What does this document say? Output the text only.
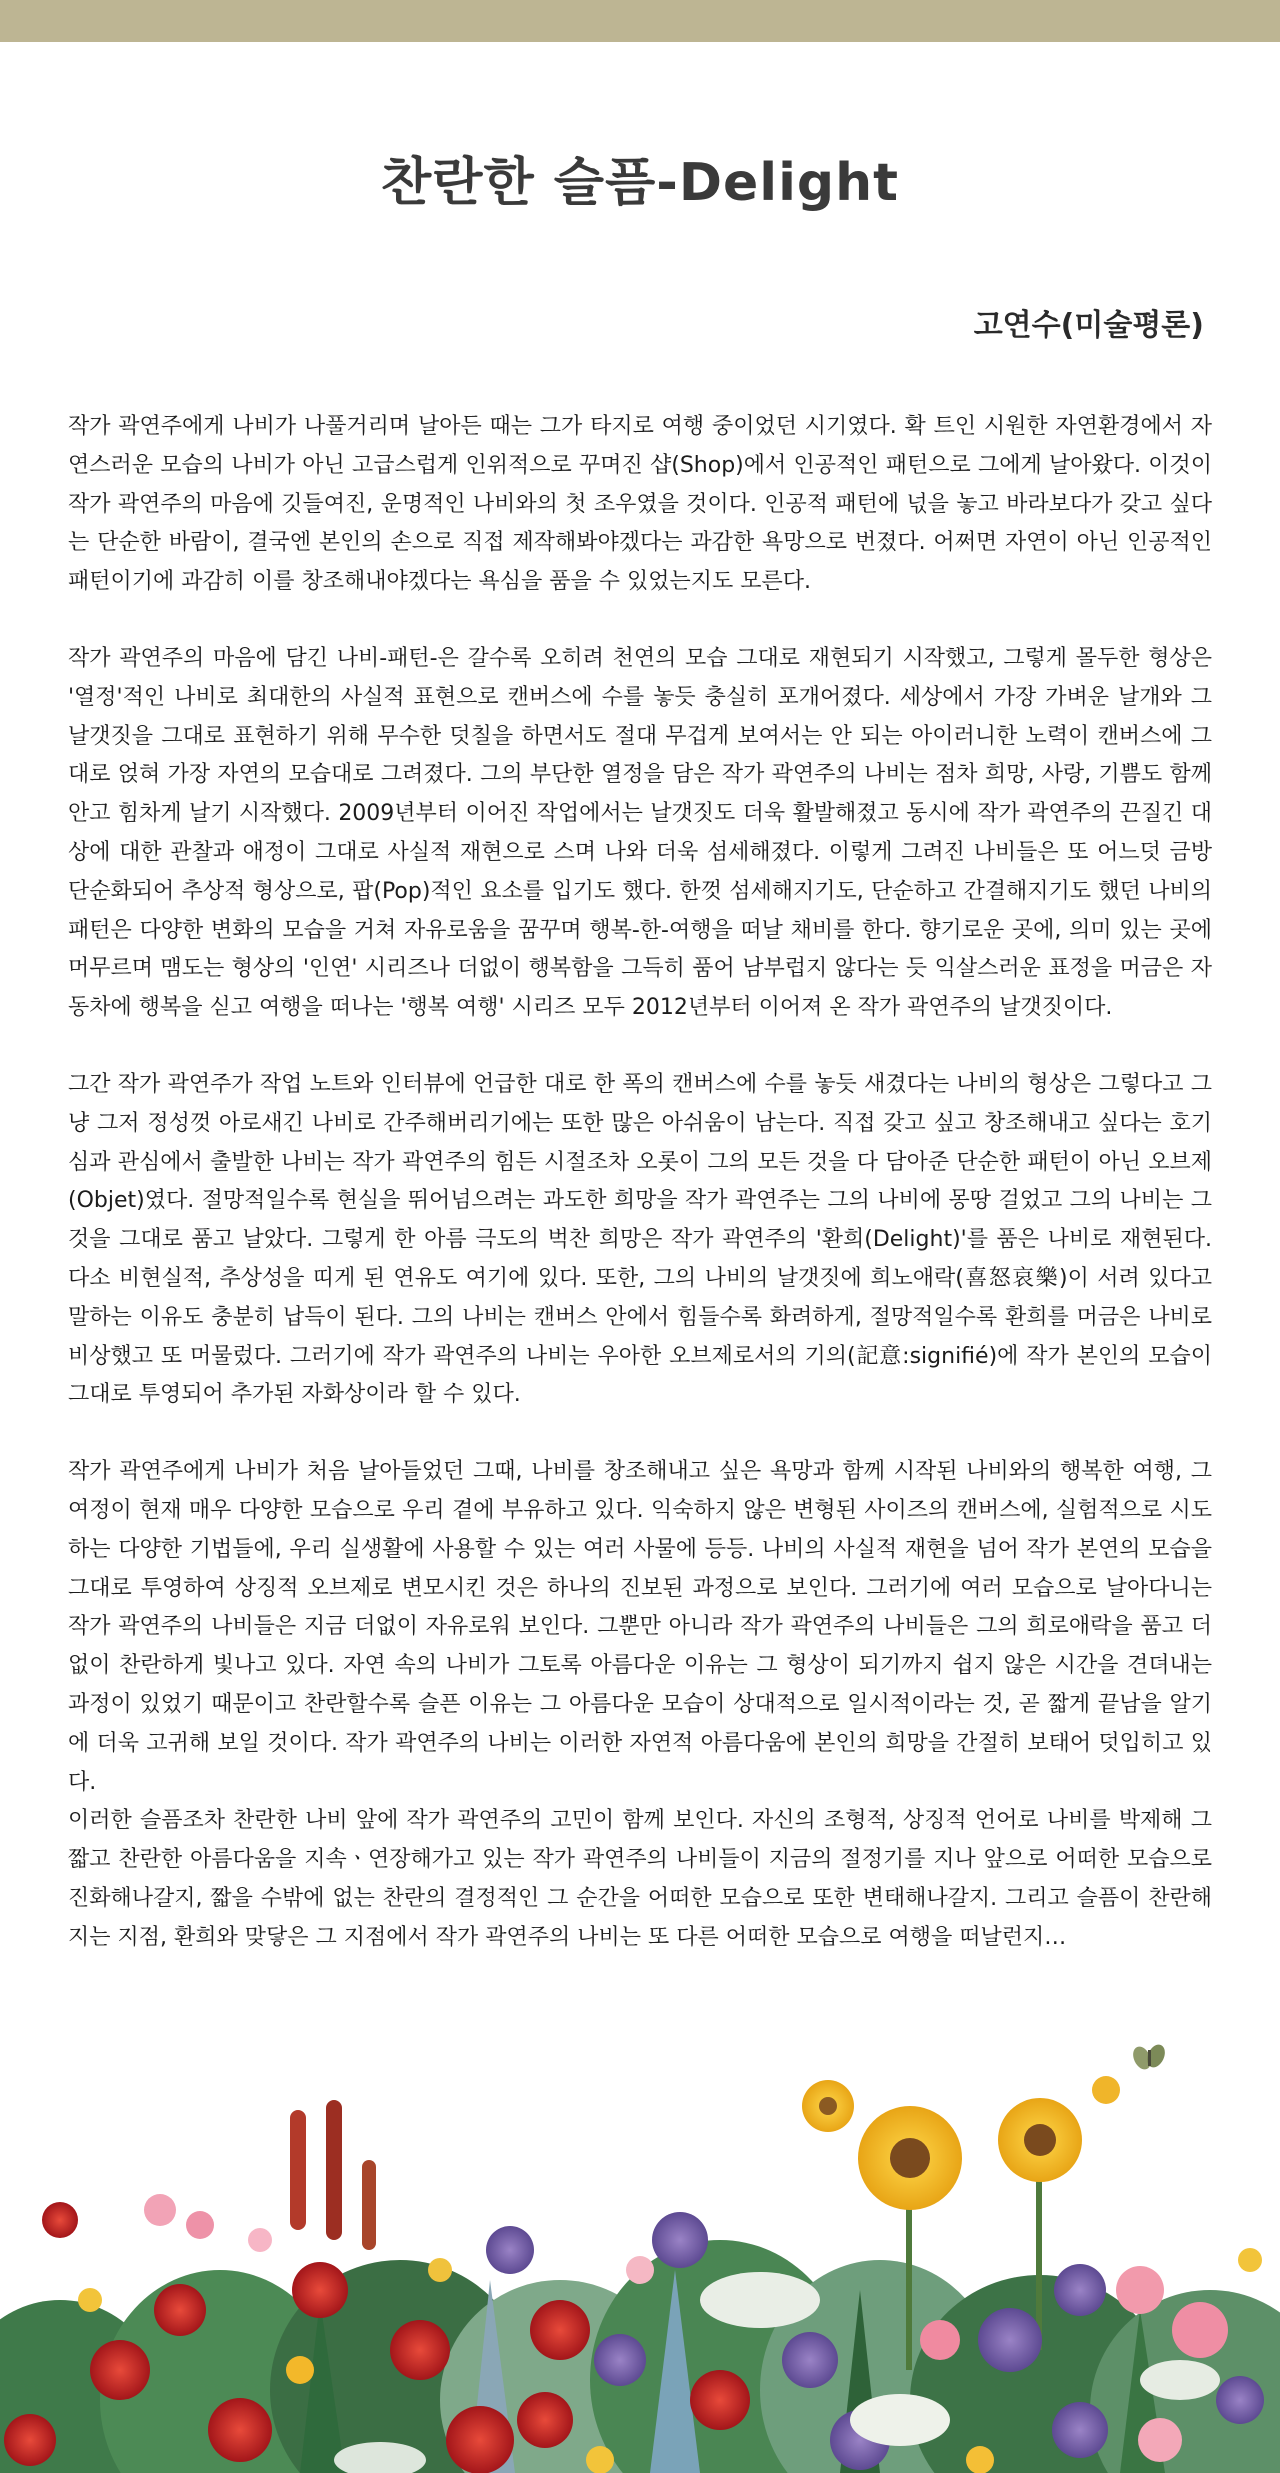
찬란한 슬픔-Delight
고연수(미술평론)

작가 곽연주에게 나비가 나풀거리며 날아든 때는 그가 타지로 여행 중이었던 시기였다. 확 트인 시원한 자연환경에서 자연스러운 모습의 나비가 아닌 고급스럽게 인위적으로 꾸며진 샵(Shop)에서 인공적인 패턴으로 그에게 날아왔다. 이것이 작가 곽연주의 마음에 깃들여진, 운명적인 나비와의 첫 조우였을 것이다. 인공적 패턴에 넋을 놓고 바라보다가 갖고 싶다는 단순한 바람이, 결국엔 본인의 손으로 직접 제작해봐야겠다는 과감한 욕망으로 번졌다. 어쩌면 자연이 아닌 인공적인 패턴이기에 과감히 이를 창조해내야겠다는 욕심을 품을 수 있었는지도 모른다.

작가 곽연주의 마음에 담긴 나비-패턴-은 갈수록 오히려 천연의 모습 그대로 재현되기 시작했고, 그렇게 몰두한 형상은 '열정'적인 나비로 최대한의 사실적 표현으로 캔버스에 수를 놓듯 충실히 포개어졌다. 세상에서 가장 가벼운 날개와 그 날갯짓을 그대로 표현하기 위해 무수한 덧칠을 하면서도 절대 무겁게 보여서는 안 되는 아이러니한 노력이 캔버스에 그대로 얹혀 가장 자연의 모습대로 그려졌다. 그의 부단한 열정을 담은 작가 곽연주의 나비는 점차 희망, 사랑, 기쁨도 함께 안고 힘차게 날기 시작했다. 2009년부터 이어진 작업에서는 날갯짓도 더욱 활발해졌고 동시에 작가 곽연주의 끈질긴 대상에 대한 관찰과 애정이 그대로 사실적 재현으로 스며 나와 더욱 섬세해졌다. 이렇게 그려진 나비들은 또 어느덧 금방 단순화되어 추상적 형상으로, 팝(Pop)적인 요소를 입기도 했다. 한껏 섬세해지기도, 단순하고 간결해지기도 했던 나비의 패턴은 다양한 변화의 모습을 거쳐 자유로움을 꿈꾸며 행복-한-여행을 떠날 채비를 한다. 향기로운 곳에, 의미 있는 곳에 머무르며 맴도는 형상의 '인연' 시리즈나 더없이 행복함을 그득히 품어 남부럽지 않다는 듯 익살스러운 표정을 머금은 자동차에 행복을 싣고 여행을 떠나는 '행복 여행' 시리즈 모두 2012년부터 이어져 온 작가 곽연주의 날갯짓이다.

그간 작가 곽연주가 작업 노트와 인터뷰에 언급한 대로 한 폭의 캔버스에 수를 놓듯 새겼다는 나비의 형상은 그렇다고 그냥 그저 정성껏 아로새긴 나비로 간주해버리기에는 또한 많은 아쉬움이 남는다. 직접 갖고 싶고 창조해내고 싶다는 호기심과 관심에서 출발한 나비는 작가 곽연주의 힘든 시절조차 오롯이 그의 모든 것을 다 담아준 단순한 패턴이 아닌 오브제(Objet)였다. 절망적일수록 현실을 뛰어넘으려는 과도한 희망을 작가 곽연주는 그의 나비에 몽땅 걸었고 그의 나비는 그것을 그대로 품고 날았다. 그렇게 한 아름 극도의 벅찬 희망은 작가 곽연주의 '환희(Delight)'를 품은 나비로 재현된다. 다소 비현실적, 추상성을 띠게 된 연유도 여기에 있다. 또한, 그의 나비의 날갯짓에 희노애락(喜怒哀樂)이 서려 있다고 말하는 이유도 충분히 납득이 된다. 그의 나비는 캔버스 안에서 힘들수록 화려하게, 절망적일수록 환희를 머금은 나비로 비상했고 또 머물렀다. 그러기에 작가 곽연주의 나비는 우아한 오브제로서의 기의(記意:signifié)에 작가 본인의 모습이 그대로 투영되어 추가된 자화상이라 할 수 있다.

작가 곽연주에게 나비가 처음 날아들었던 그때, 나비를 창조해내고 싶은 욕망과 함께 시작된 나비와의 행복한 여행, 그 여정이 현재 매우 다양한 모습으로 우리 곁에 부유하고 있다. 익숙하지 않은 변형된 사이즈의 캔버스에, 실험적으로 시도하는 다양한 기법들에, 우리 실생활에 사용할 수 있는 여러 사물에 등등. 나비의 사실적 재현을 넘어 작가 본연의 모습을 그대로 투영하여 상징적 오브제로 변모시킨 것은 하나의 진보된 과정으로 보인다. 그러기에 여러 모습으로 날아다니는 작가 곽연주의 나비들은 지금 더없이 자유로워 보인다. 그뿐만 아니라 작가 곽연주의 나비들은 그의 희로애락을 품고 더없이 찬란하게 빛나고 있다. 자연 속의 나비가 그토록 아름다운 이유는 그 형상이 되기까지 쉽지 않은 시간을 견뎌내는 과정이 있었기 때문이고 찬란할수록 슬픈 이유는 그 아름다운 모습이 상대적으로 일시적이라는 것, 곧 짧게 끝남을 알기에 더욱 고귀해 보일 것이다. 작가 곽연주의 나비는 이러한 자연적 아름다움에 본인의 희망을 간절히 보태어 덧입히고 있다.

이러한 슬픔조차 찬란한 나비 앞에 작가 곽연주의 고민이 함께 보인다. 자신의 조형적, 상징적 언어로 나비를 박제해 그 짧고 찬란한 아름다움을 지속ㆍ연장해가고 있는 작가 곽연주의 나비들이 지금의 절정기를 지나 앞으로 어떠한 모습으로 진화해나갈지, 짧을 수밖에 없는 찬란의 결정적인 그 순간을 어떠한 모습으로 또한 변태해나갈지. 그리고 슬픔이 찬란해지는 지점, 환희와 맞닿은 그 지점에서 작가 곽연주의 나비는 또 다른 어떠한 모습으로 여행을 떠날런지…
